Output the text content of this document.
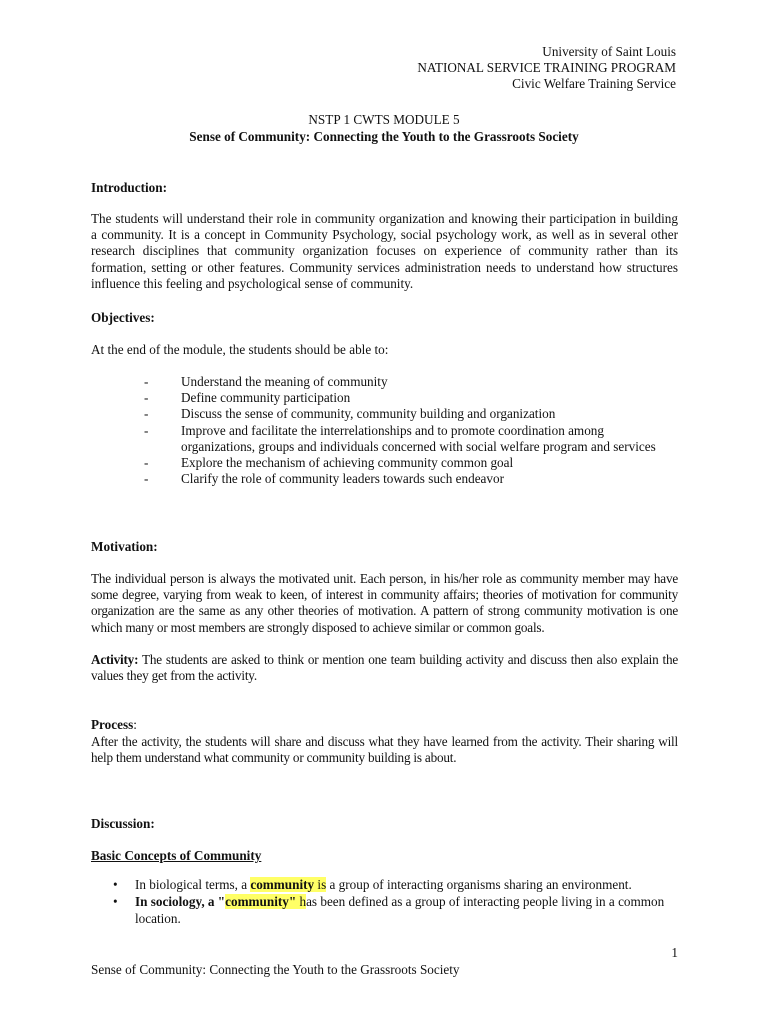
University of Saint Louis
NATIONAL SERVICE TRAINING PROGRAM
Civic Welfare Training Service
NSTP 1 CWTS MODULE 5
Sense of Community: Connecting the Youth to the Grassroots Society
Introduction:
The students will understand their role in community organization and knowing their participation in building a community. It is a concept in Community Psychology, social psychology work, as well as in several other research disciplines that community organization focuses on experience of community rather than its formation, setting or other features. Community services administration needs to understand how structures influence this feeling and psychological sense of community.
Objectives:
At the end of the module, the students should be able to:
- Understand the meaning of community
- Define community participation
- Discuss the sense of community, community building and organization
- Improve and facilitate the interrelationships and to promote coordination among organizations, groups and individuals concerned with social welfare program and services
- Explore the mechanism of achieving community common goal
- Clarify the role of community leaders towards such endeavor
Motivation:
The individual person is always the motivated unit. Each person, in his/her role as community member may have some degree, varying from weak to keen, of interest in community affairs; theories of motivation for community organization are the same as any other theories of motivation. A pattern of strong community motivation is one which many or most members are strongly disposed to achieve similar or common goals.
Activity: The students are asked to think or mention one team building activity and discuss then also explain the values they get from the activity.
Process:
After the activity, the students will share and discuss what they have learned from the activity. Their sharing will help them understand what community or community building is about.
Discussion:
Basic Concepts of Community
• In biological terms, a community is a group of interacting organisms sharing an environment.
• In sociology, a "community" has been defined as a group of interacting people living in a common location.
1
Sense of Community: Connecting the Youth to the Grassroots Society
